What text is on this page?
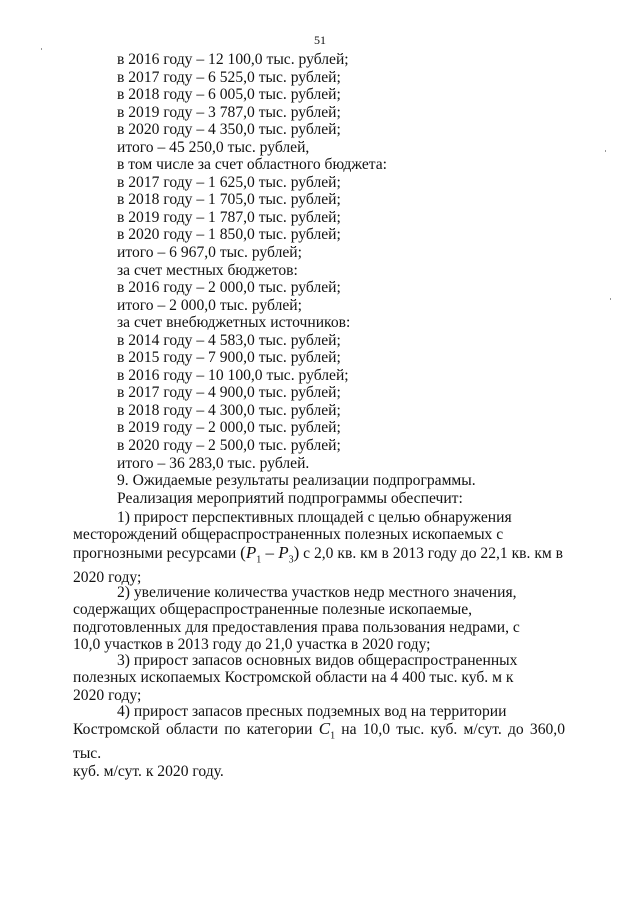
51
в 2016 году – 12 100,0 тыс. рублей;
в 2017 году – 6 525,0 тыс. рублей;
в 2018 году – 6 005,0 тыс. рублей;
в 2019 году – 3 787,0 тыс. рублей;
в 2020 году – 4 350,0 тыс. рублей;
итого – 45 250,0 тыс. рублей,
в том числе за счет областного бюджета:
в 2017 году – 1 625,0 тыс. рублей;
в 2018 году – 1 705,0 тыс. рублей;
в 2019 году – 1 787,0 тыс. рублей;
в 2020 году – 1 850,0 тыс. рублей;
итого – 6 967,0 тыс. рублей;
за счет местных бюджетов:
в 2016 году – 2 000,0 тыс. рублей;
итого – 2 000,0 тыс. рублей;
за счет внебюджетных источников:
в 2014 году – 4 583,0 тыс. рублей;
в 2015 году – 7 900,0 тыс. рублей;
в 2016 году – 10 100,0 тыс. рублей;
в 2017 году – 4 900,0 тыс. рублей;
в 2018 году – 4 300,0 тыс. рублей;
в 2019 году – 2 000,0 тыс. рублей;
в 2020 году – 2 500,0 тыс. рублей;
итого – 36 283,0 тыс. рублей.
9. Ожидаемые результаты реализации подпрограммы.
Реализация мероприятий подпрограммы обеспечит:
1) прирост перспективных площадей с целью обнаружения
месторождений общераспространенных полезных ископаемых с
прогнозными ресурсами $(P_1 - P_3)$ с 2,0 кв. км в 2013 году до 22,1 кв. км в
2020 году;
2) увеличение количества участков недр местного значения,
содержащих общераспространенные полезные ископаемые,
подготовленных для предоставления права пользования недрами, с
10,0 участков в 2013 году до 21,0 участка в 2020 году;
3) прирост запасов основных видов общераспространенных
полезных ископаемых Костромской области на 4 400 тыс. куб. м к
2020 году;
4) прирост запасов пресных подземных вод на территории
Костромской области по категории $C_1$ на 10,0 тыс. куб. м/сут. до 360,0 тыс.
куб. м/сут. к 2020 году.
